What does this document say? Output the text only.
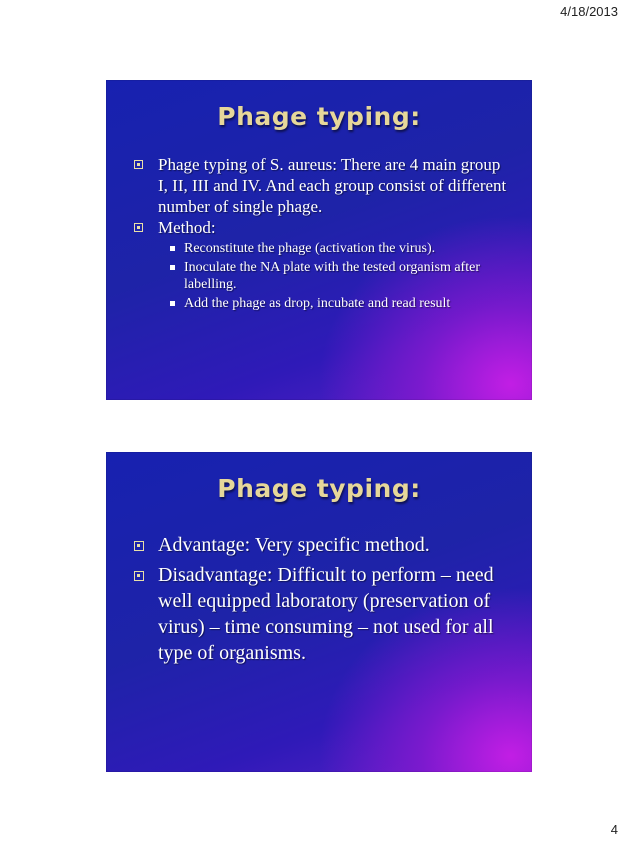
4/18/2013
Phage typing:
Phage typing of S. aureus: There are 4 main group I, II, III and IV. And each group consist of different number of single phage.
Method:
Reconstitute the phage (activation the virus).
Inoculate the NA plate with the tested organism after labelling.
Add the phage as drop, incubate and read result
Phage typing:
Advantage: Very specific method.
Disadvantage: Difficult to perform – need well equipped laboratory (preservation of virus) – time consuming – not used for all type of organisms.
4
